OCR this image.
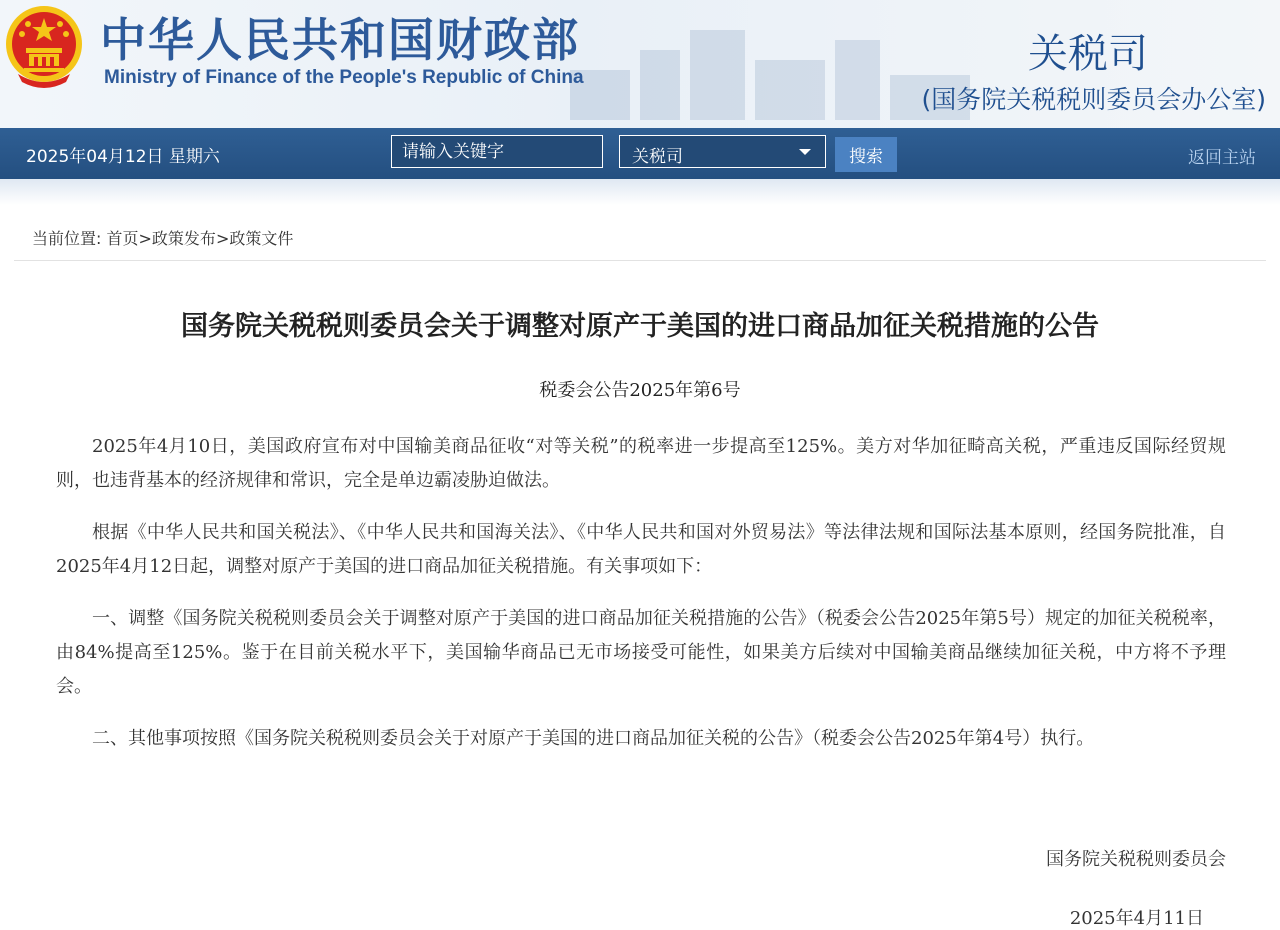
中华人民共和国财政部
Ministry of Finance of the People's Republic of China
关税司
(国务院关税税则委员会办公室)
2025年04月12日 星期六
请输入关键字	关税司	搜索	返回主站
当前位置: 首页>政策发布>政策文件
国务院关税税则委员会关于调整对原产于美国的进口商品加征关税措施的公告
税委会公告2025年第6号

2025年4月10日，美国政府宣布对中国输美商品征收“对等关税”的税率进一步提高至125%。美方对华加征畸高关税，严重违反国际经贸规则，也违背基本的经济规律和常识，完全是单边霸凌胁迫做法。

根据《中华人民共和国关税法》、《中华人民共和国海关法》、《中华人民共和国对外贸易法》等法律法规和国际法基本原则，经国务院批准，自2025年4月12日起，调整对原产于美国的进口商品加征关税措施。有关事项如下：

一、调整《国务院关税税则委员会关于调整对原产于美国的进口商品加征关税措施的公告》（税委会公告2025年第5号）规定的加征关税税率，由84%提高至125%。鉴于在目前关税水平下，美国输华商品已无市场接受可能性，如果美方后续对中国输美商品继续加征关税，中方将不予理会。

二、其他事项按照《国务院关税税则委员会关于对原产于美国的进口商品加征关税的公告》（税委会公告2025年第4号）执行。

国务院关税税则委员会
2025年4月11日
